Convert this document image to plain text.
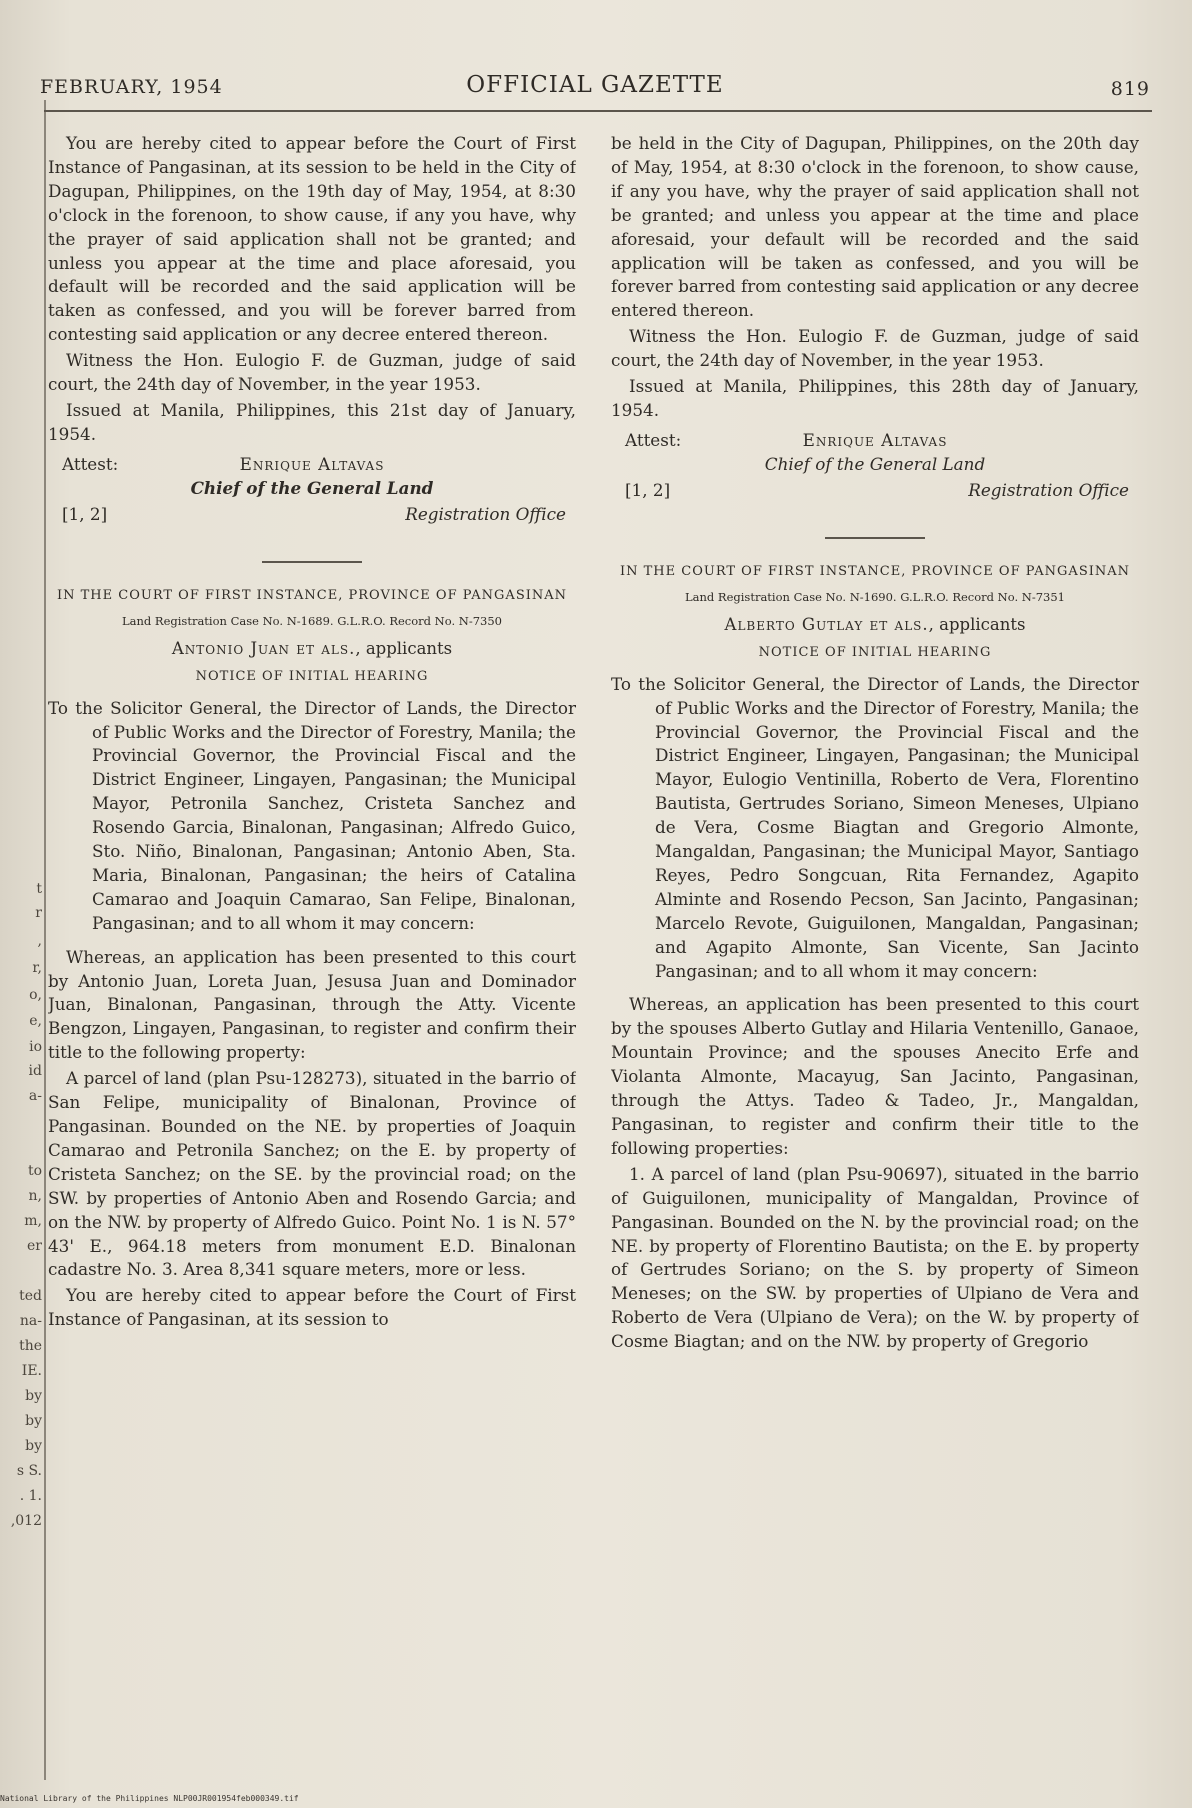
t
r
,
r,
o,
e,
io
id
a-
to
n,
m,
er
ted
na-
the
IE.
by
by
by
s S.
. 1.
,012
FEBRUARY, 1954	OFFICIAL GAZETTE	819

You are hereby cited to appear before the Court of First Instance of Pangasinan, at its session to be held in the City of Dagupan, Philippines, on the 19th day of May, 1954, at 8:30 o'clock in the forenoon, to show cause, if any you have, why the prayer of said application shall not be granted; and unless you appear at the time and place aforesaid, you default will be recorded and the said application will be taken as confessed, and you will be forever barred from contesting said application or any decree entered thereon.

Witness the Hon. Eulogio F. de Guzman, judge of said court, the 24th day of November, in the year 1953.

Issued at Manila, Philippines, this 21st day of January, 1954.

Attest:	Enrique Altavas
Chief of the General Land
[1, 2]	Registration Office
IN THE COURT OF FIRST INSTANCE, PROVINCE OF PANGASINAN
Land Registration Case No. N-1689. G.L.R.O. Record No. N-7350
Antonio Juan et als., applicants
NOTICE OF INITIAL HEARING

To the Solicitor General, the Director of Lands, the Director of Public Works and the Director of Forestry, Manila; the Provincial Governor, the Provincial Fiscal and the District Engineer, Lingayen, Pangasinan; the Municipal Mayor, Petronila Sanchez, Cristeta Sanchez and Rosendo Garcia, Binalonan, Pangasinan; Alfredo Guico, Sto. Niño, Binalonan, Pangasinan; Antonio Aben, Sta. Maria, Binalonan, Pangasinan; the heirs of Catalina Camarao and Joaquin Camarao, San Felipe, Binalonan, Pangasinan; and to all whom it may concern:

Whereas, an application has been presented to this court by Antonio Juan, Loreta Juan, Jesusa Juan and Dominador Juan, Binalonan, Pangasinan, through the Atty. Vicente Bengzon, Lingayen, Pangasinan, to register and confirm their title to the following property:

A parcel of land (plan Psu-128273), situated in the barrio of San Felipe, municipality of Binalonan, Province of Pangasinan. Bounded on the NE. by properties of Joaquin Camarao and Petronila Sanchez; on the E. by property of Cristeta Sanchez; on the SE. by the provincial road; on the SW. by properties of Antonio Aben and Rosendo Garcia; and on the NW. by property of Alfredo Guico. Point No. 1 is N. 57° 43' E., 964.18 meters from monument E.D. Binalonan cadastre No. 3. Area 8,341 square meters, more or less.

You are hereby cited to appear before the Court of First Instance of Pangasinan, at its session to

be held in the City of Dagupan, Philippines, on the 20th day of May, 1954, at 8:30 o'clock in the forenoon, to show cause, if any you have, why the prayer of said application shall not be granted; and unless you appear at the time and place aforesaid, your default will be recorded and the said application will be taken as confessed, and you will be forever barred from contesting said application or any decree entered thereon.

Witness the Hon. Eulogio F. de Guzman, judge of said court, the 24th day of November, in the year 1953.

Issued at Manila, Philippines, this 28th day of January, 1954.

Attest:	Enrique Altavas
Chief of the General Land
[1, 2]	Registration Office
IN THE COURT OF FIRST INSTANCE, PROVINCE OF PANGASINAN
Land Registration Case No. N-1690. G.L.R.O. Record No. N-7351
Alberto Gutlay et als., applicants
NOTICE OF INITIAL HEARING

To the Solicitor General, the Director of Lands, the Director of Public Works and the Director of Forestry, Manila; the Provincial Governor, the Provincial Fiscal and the District Engineer, Lingayen, Pangasinan; the Municipal Mayor, Eulogio Ventinilla, Roberto de Vera, Florentino Bautista, Gertrudes Soriano, Simeon Meneses, Ulpiano de Vera, Cosme Biagtan and Gregorio Almonte, Mangaldan, Pangasinan; the Municipal Mayor, Santiago Reyes, Pedro Songcuan, Rita Fernandez, Agapito Alminte and Rosendo Pecson, San Jacinto, Pangasinan; Marcelo Revote, Guiguilonen, Mangaldan, Pangasinan; and Agapito Almonte, San Vicente, San Jacinto Pangasinan; and to all whom it may concern:

Whereas, an application has been presented to this court by the spouses Alberto Gutlay and Hilaria Ventenillo, Ganaoe, Mountain Province; and the spouses Anecito Erfe and Violanta Almonte, Macayug, San Jacinto, Pangasinan, through the Attys. Tadeo & Tadeo, Jr., Mangaldan, Pangasinan, to register and confirm their title to the following properties:

1. A parcel of land (plan Psu-90697), situated in the barrio of Guiguilonen, municipality of Mangaldan, Province of Pangasinan. Bounded on the N. by the provincial road; on the NE. by property of Florentino Bautista; on the E. by property of Gertrudes Soriano; on the S. by property of Simeon Meneses; on the SW. by properties of Ulpiano de Vera and Roberto de Vera (Ulpiano de Vera); on the W. by property of Cosme Biagtan; and on the NW. by property of Gregorio

National Library of the Philippines NLP00JR001954feb000349.tif
